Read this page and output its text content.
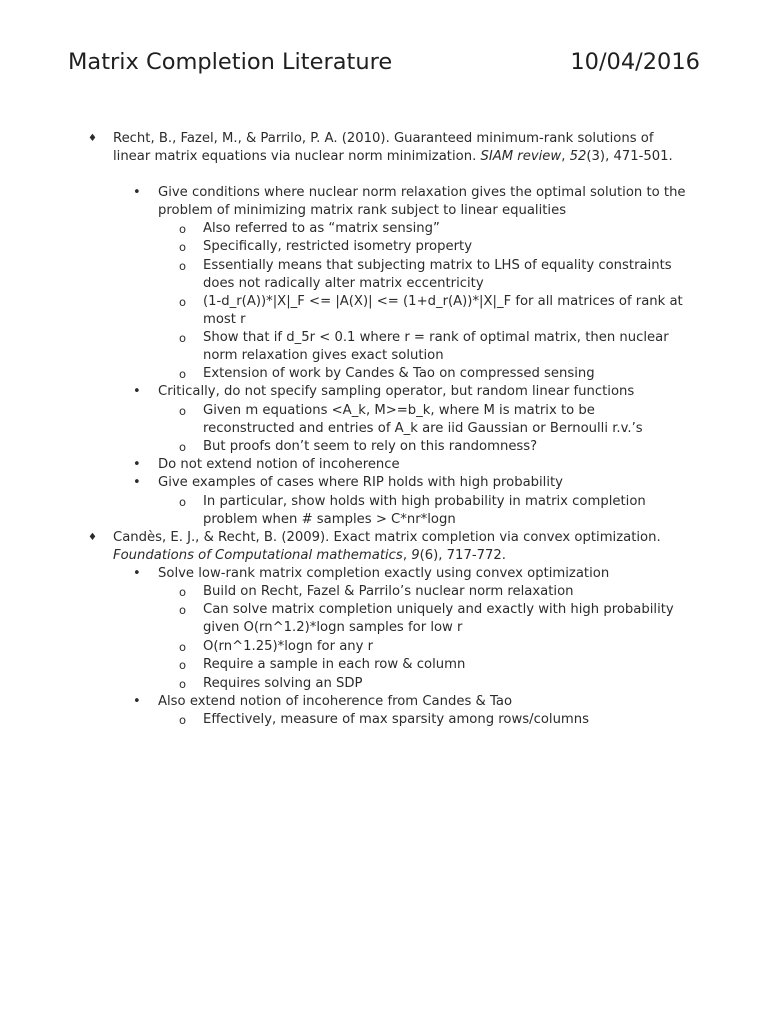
Matrix Completion Literature	10/04/2016
♦ Recht, B., Fazel, M., & Parrilo, P. A. (2010). Guaranteed minimum-rank solutions of linear matrix equations via nuclear norm minimization. SIAM review, 52(3), 471-501.
•	Give conditions where nuclear norm relaxation gives the optimal solution to the problem of minimizing matrix rank subject to linear equalities
o	Also referred to as “matrix sensing”
o	Specifically, restricted isometry property
o	Essentially means that subjecting matrix to LHS of equality constraints does not radically alter matrix eccentricity
o	(1-d_r(A))*|X|_F <= |A(X)| <= (1+d_r(A))*|X|_F for all matrices of rank at most r
o	Show that if d_5r < 0.1 where r = rank of optimal matrix, then nuclear norm relaxation gives exact solution
o	Extension of work by Candes & Tao on compressed sensing
•	Critically, do not specify sampling operator, but random linear functions
o	Given m equations <A_k, M>=b_k, where M is matrix to be reconstructed and entries of A_k are iid Gaussian or Bernoulli r.v.’s
o	But proofs don’t seem to rely on this randomness?
•	Do not extend notion of incoherence
•	Give examples of cases where RIP holds with high probability
o	In particular, show holds with high probability in matrix completion problem when # samples > C*nr*logn
♦ Candès, E. J., & Recht, B. (2009). Exact matrix completion via convex optimization. Foundations of Computational mathematics, 9(6), 717-772.
•	Solve low-rank matrix completion exactly using convex optimization
o	Build on Recht, Fazel & Parrilo’s nuclear norm relaxation
o	Can solve matrix completion uniquely and exactly with high probability given O(rn^1.2)*logn samples for low r
o	O(rn^1.25)*logn for any r
o	Require a sample in each row & column
o	Requires solving an SDP
•	Also extend notion of incoherence from Candes & Tao
o	Effectively, measure of max sparsity among rows/columns
